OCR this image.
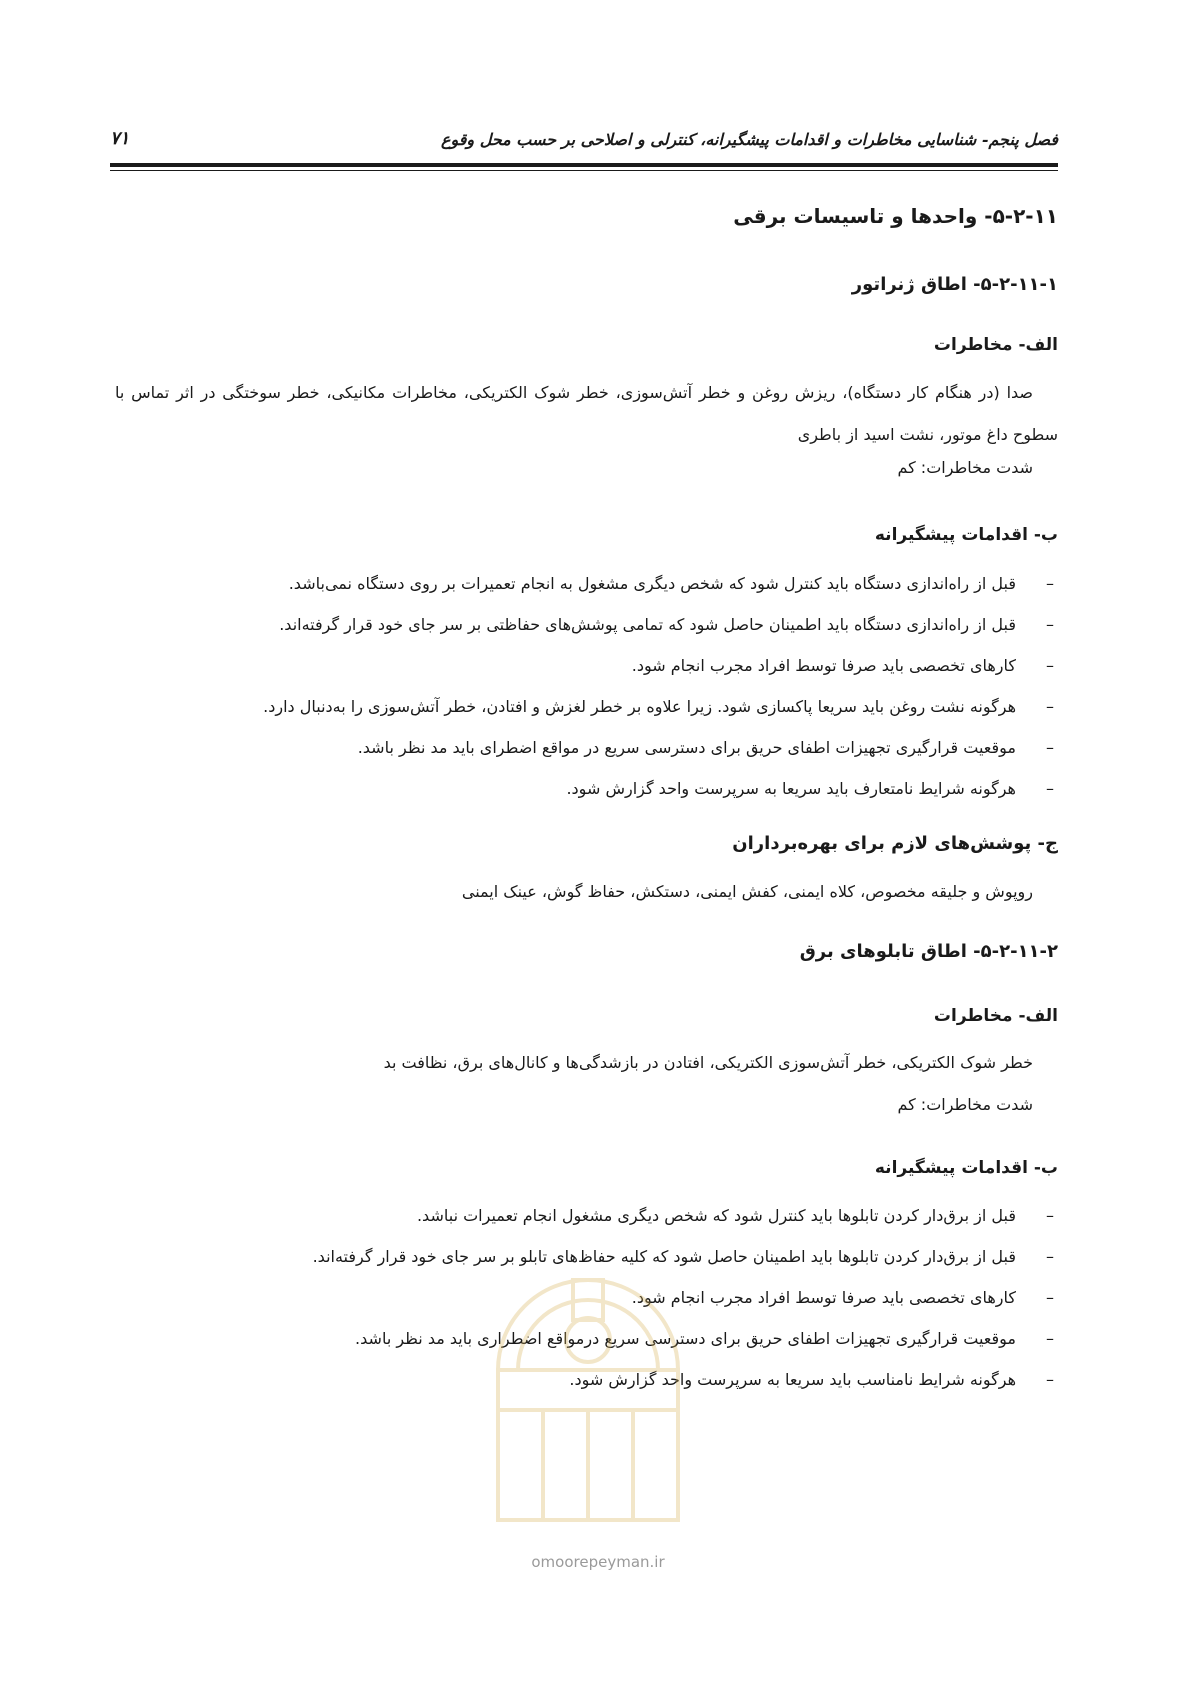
فصل پنجم- شناسایی مخاطرات و اقدامات پیشگیرانه، کنترلی و اصلاحی بر حسب محل وقوع
۷۱
۵-۲-۱۱- واحدها و تاسیسات برقی
۵-۲-۱۱-۱- اطاق ژنراتور
الف- مخاطرات
صدا (در هنگام کار دستگاه)، ریزش روغن و خطر آتش‌سوزی، خطر شوک الکتریکی، مخاطرات مکانیکی، خطر سوختگی در اثر تماس با سطوح داغ موتور، نشت اسید از باطری
شدت مخاطرات: کم
ب- اقدامات پیشگیرانه
–
قبل از راه‌اندازی دستگاه باید کنترل شود که شخص دیگری مشغول به انجام تعمیرات بر روی دستگاه نمی‌باشد.
–
قبل از راه‌اندازی دستگاه باید اطمینان حاصل شود که تمامی پوشش‌های حفاظتی بر سر جای خود قرار گرفته‌اند.
–
کارهای تخصصی باید صرفا توسط افراد مجرب انجام شود.
–
هرگونه نشت روغن باید سریعا پاکسازی شود. زیرا علاوه بر خطر لغزش و افتادن، خطر آتش‌سوزی را به‌دنبال دارد.
–
موقعیت قرارگیری تجهیزات اطفای حریق برای دسترسی سریع در مواقع اضطرای باید مد نظر باشد.
–
هرگونه شرایط نامتعارف باید سریعا به سرپرست واحد گزارش شود.
ج- پوشش‌های لازم برای بهره‌برداران
روپوش و جلیقه مخصوص، کلاه ایمنی، کفش ایمنی، دستکش، حفاظ گوش، عینک ایمنی
۵-۲-۱۱-۲- اطاق تابلوهای برق
الف- مخاطرات
خطر شوک الکتریکی، خطر آتش‌سوزی الکتریکی، افتادن در بازشدگی‌ها و کانال‌های برق، نظافت بد
شدت مخاطرات: کم
ب- اقدامات پیشگیرانه
–
قبل از برق‌دار کردن تابلوها باید کنترل شود که شخص دیگری مشغول انجام تعمیرات نباشد.
–
قبل از برق‌دار کردن تابلوها باید اطمینان حاصل شود که کلیه حفاظ‌های تابلو بر سر جای خود قرار گرفته‌اند.
–
کارهای تخصصی باید صرفا توسط افراد مجرب انجام شود.
–
موقعیت قرارگیری تجهیزات اطفای حریق برای دسترسی سریع درمواقع اضطراری باید مد نظر باشد.
–
هرگونه شرایط نامناسب باید سریعا به سرپرست واحد گزارش شود.
omoorepeyman.ir
